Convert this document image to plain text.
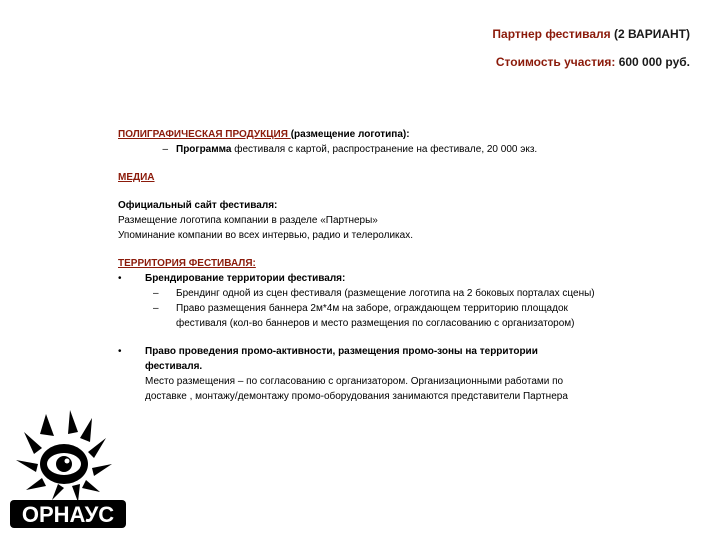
Партнер фестиваля (2 ВАРИАНТ)
Стоимость участия: 600 000 руб.
ПОЛИГРАФИЧЕСКАЯ ПРОДУКЦИЯ (размещение логотипа):
– Программа фестиваля с картой, распространение на фестивале, 20 000 экз.
МЕДИА
Официальный сайт фестиваля:
Размещение логотипа компании в разделе «Партнеры»
Упоминание компании во всех интервью, радио и телероликах.
ТЕРРИТОРИЯ ФЕСТИВАЛЯ:
•	Брендирование территории фестиваля:
–	Брендинг одной из сцен фестиваля (размещение логотипа на 2 боковых порталах сцены)
–	Право размещения баннера 2м*4м на заборе, ограждающем территорию площадок
фестиваля (кол-во баннеров и место размещения по согласованию с организатором)
•	Право проведения промо-активности, размещения промо-зоны на территории
фестиваля.
Место размещения – по согласованию с организатором. Организационными работами по
доставке , монтажу/демонтажу промо-оборудования занимаются представители Партнера
ОРНАУС
